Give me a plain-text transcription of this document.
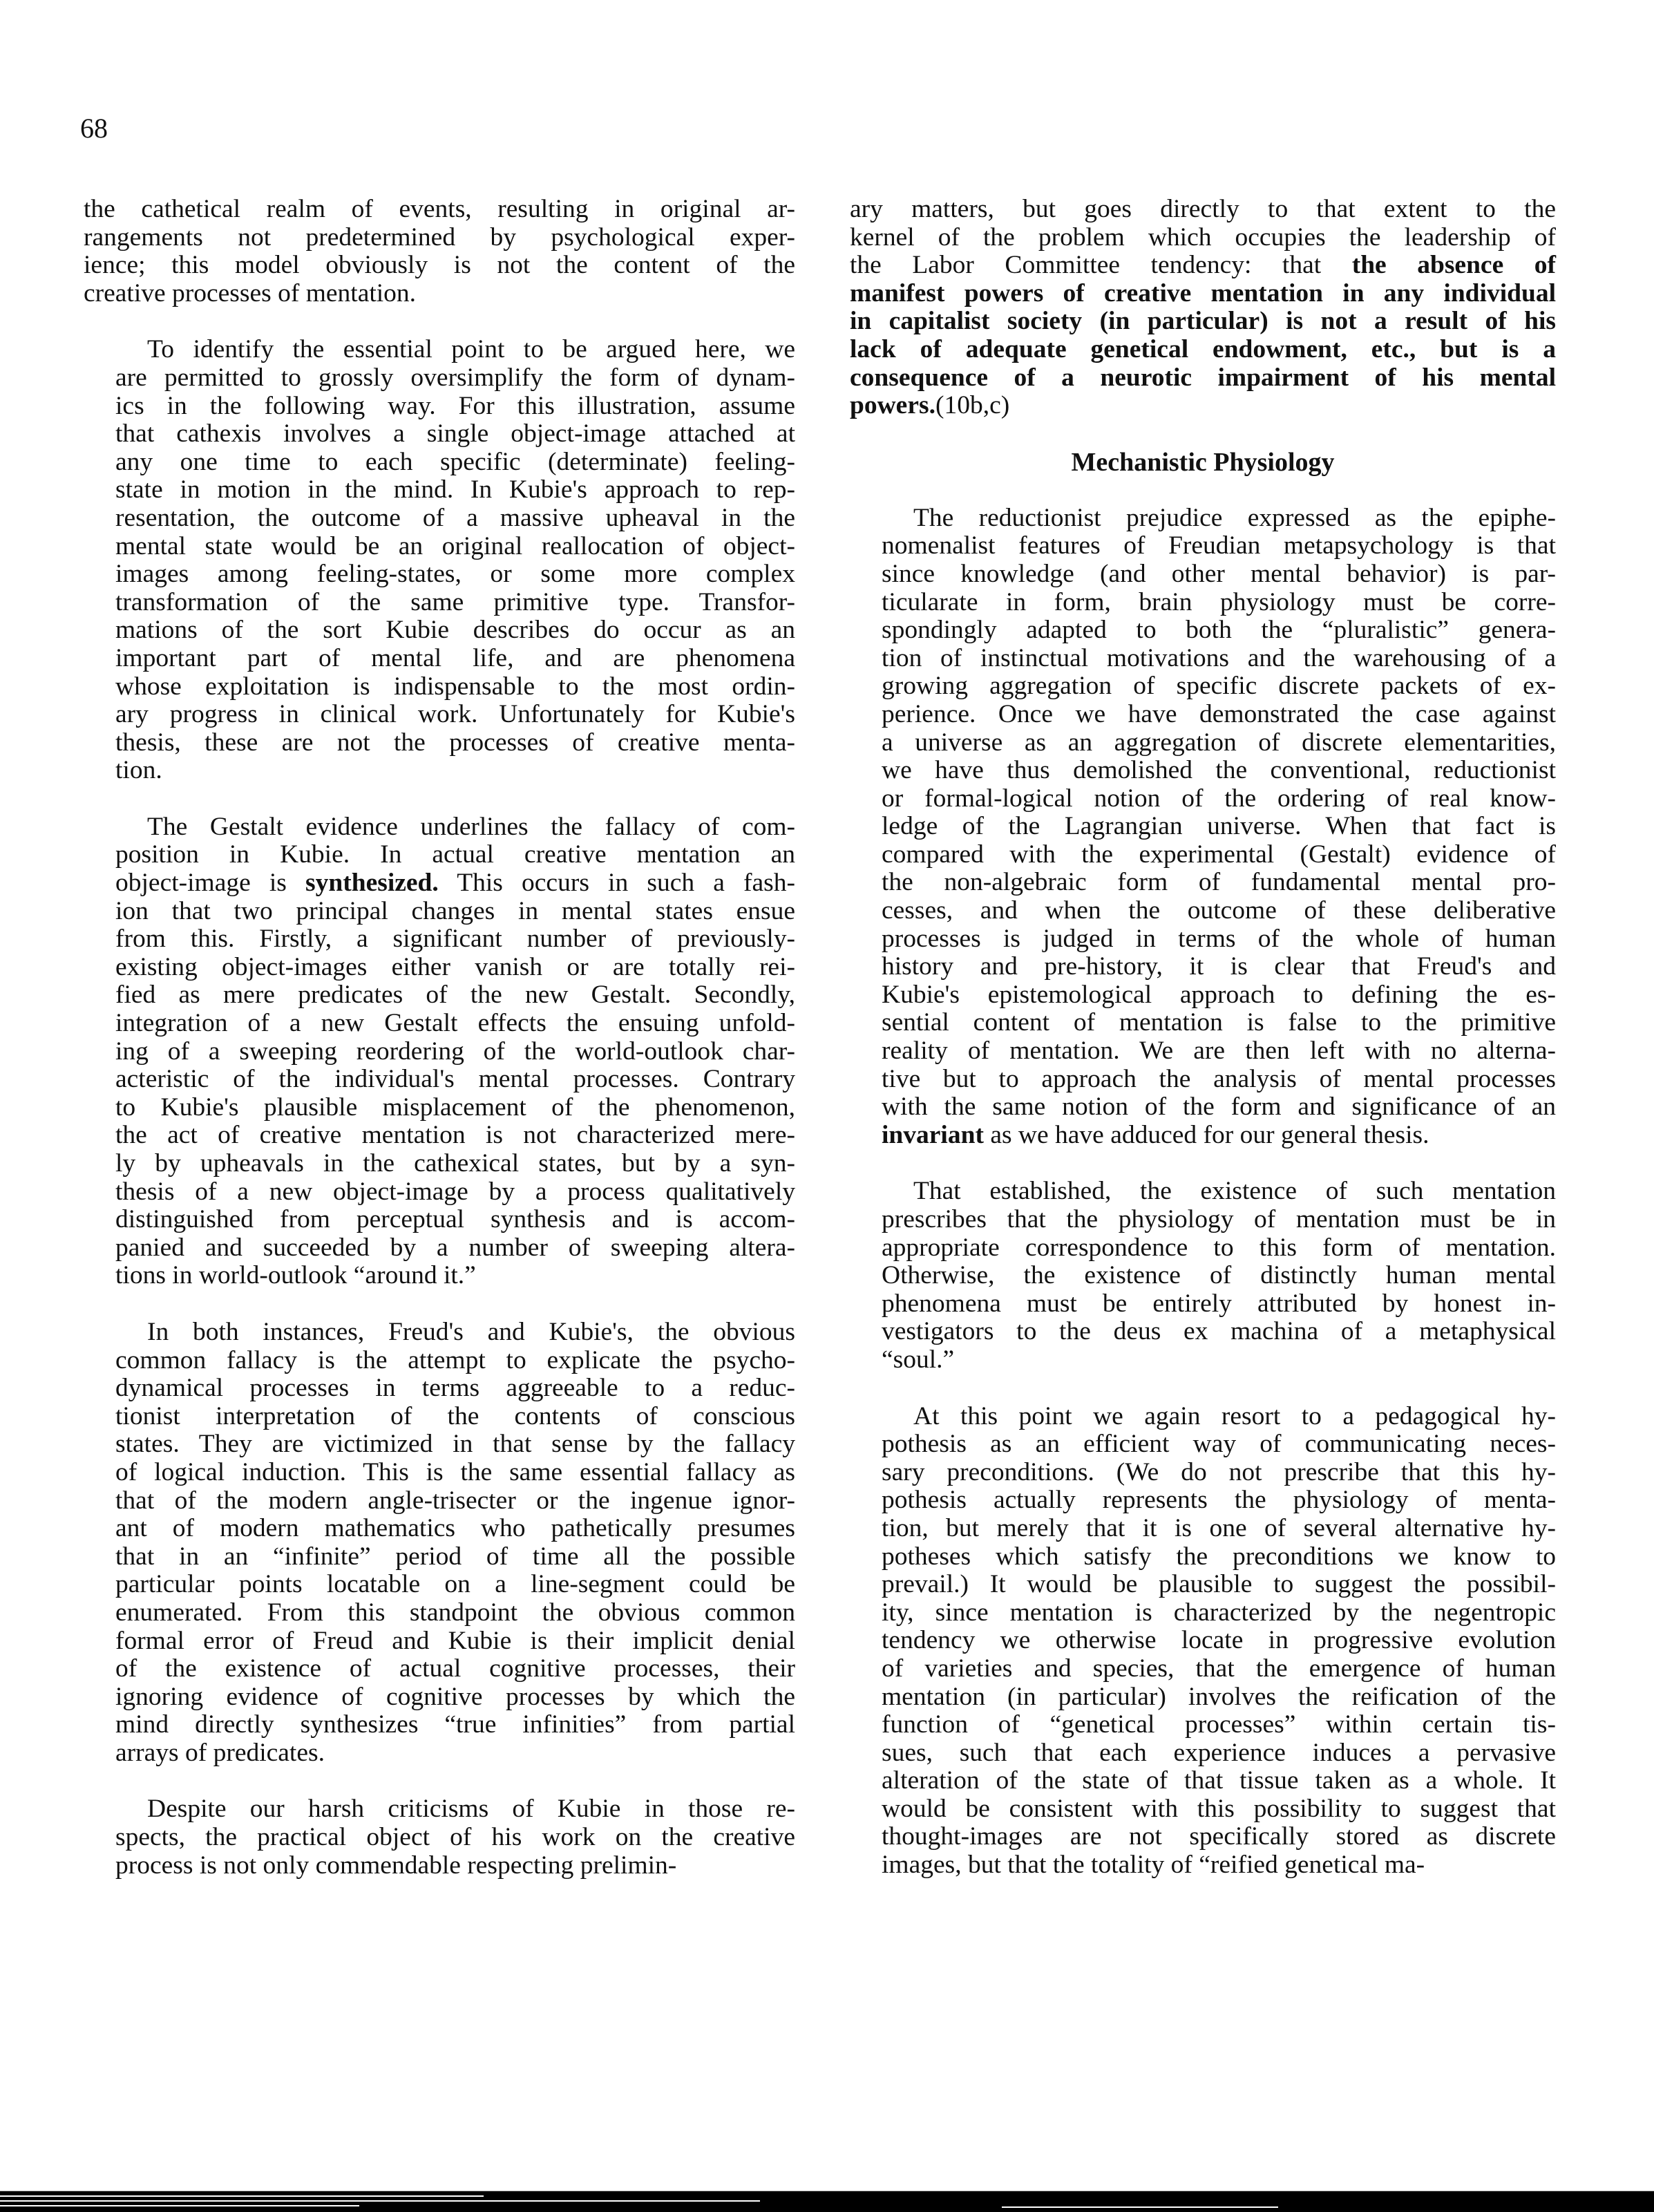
68
the cathetical realm of events, resulting in original ar-
rangements not predetermined by psychological exper-
ience; this model obviously is not the content of the
creative processes of mentation.
To identify the essential point to be argued here, we
are permitted to grossly oversimplify the form of dynam-
ics in the following way. For this illustration, assume
that cathexis involves a single object-image attached at
any one time to each specific (determinate) feeling-
state in motion in the mind. In Kubie's approach to rep-
resentation, the outcome of a massive upheaval in the
mental state would be an original reallocation of object-
images among feeling-states, or some more complex
transformation of the same primitive type. Transfor-
mations of the sort Kubie describes do occur as an
important part of mental life, and are phenomena
whose exploitation is indispensable to the most ordin-
ary progress in clinical work. Unfortunately for Kubie's
thesis, these are not the processes of creative menta-
tion.
The Gestalt evidence underlines the fallacy of com-
position in Kubie. In actual creative mentation an
object-image is synthesized. This occurs in such a fash-
ion that two principal changes in mental states ensue
from this. Firstly, a significant number of previously-
existing object-images either vanish or are totally rei-
fied as mere predicates of the new Gestalt. Secondly,
integration of a new Gestalt effects the ensuing unfold-
ing of a sweeping reordering of the world-outlook char-
acteristic of the individual's mental processes. Contrary
to Kubie's plausible misplacement of the phenomenon,
the act of creative mentation is not characterized mere-
ly by upheavals in the cathexical states, but by a syn-
thesis of a new object-image by a process qualitatively
distinguished from perceptual synthesis and is accom-
panied and succeeded by a number of sweeping altera-
tions in world-outlook “around it.”
In both instances, Freud's and Kubie's, the obvious
common fallacy is the attempt to explicate the psycho-
dynamical processes in terms aggreeable to a reduc-
tionist interpretation of the contents of conscious
states. They are victimized in that sense by the fallacy
of logical induction. This is the same essential fallacy as
that of the modern angle-trisecter or the ingenue ignor-
ant of modern mathematics who pathetically presumes
that in an “infinite” period of time all the possible
particular points locatable on a line-segment could be
enumerated. From this standpoint the obvious common
formal error of Freud and Kubie is their implicit denial
of the existence of actual cognitive processes, their
ignoring evidence of cognitive processes by which the
mind directly synthesizes “true infinities” from partial
arrays of predicates.
Despite our harsh criticisms of Kubie in those re-
spects, the practical object of his work on the creative
process is not only commendable respecting prelimin-
ary matters, but goes directly to that extent to the
kernel of the problem which occupies the leadership of
the Labor Committee tendency: that the absence of
manifest powers of creative mentation in any individual
in capitalist society (in particular) is not a result of his
lack of adequate genetical endowment, etc., but is a
consequence of a neurotic impairment of his mental
powers.(10b,c)
Mechanistic Physiology
The reductionist prejudice expressed as the epiphe-
nomenalist features of Freudian metapsychology is that
since knowledge (and other mental behavior) is par-
ticularate in form, brain physiology must be corre-
spondingly adapted to both the “pluralistic” genera-
tion of instinctual motivations and the warehousing of a
growing aggregation of specific discrete packets of ex-
perience. Once we have demonstrated the case against
a universe as an aggregation of discrete elementarities,
we have thus demolished the conventional, reductionist
or formal-logical notion of the ordering of real know-
ledge of the Lagrangian universe. When that fact is
compared with the experimental (Gestalt) evidence of
the non-algebraic form of fundamental mental pro-
cesses, and when the outcome of these deliberative
processes is judged in terms of the whole of human
history and pre-history, it is clear that Freud's and
Kubie's epistemological approach to defining the es-
sential content of mentation is false to the primitive
reality of mentation. We are then left with no alterna-
tive but to approach the analysis of mental processes
with the same notion of the form and significance of an
invariant as we have adduced for our general thesis.
That established, the existence of such mentation
prescribes that the physiology of mentation must be in
appropriate correspondence to this form of mentation.
Otherwise, the existence of distinctly human mental
phenomena must be entirely attributed by honest in-
vestigators to the deus ex machina of a metaphysical
“soul.”
At this point we again resort to a pedagogical hy-
pothesis as an efficient way of communicating neces-
sary preconditions. (We do not prescribe that this hy-
pothesis actually represents the physiology of menta-
tion, but merely that it is one of several alternative hy-
potheses which satisfy the preconditions we know to
prevail.) It would be plausible to suggest the possibil-
ity, since mentation is characterized by the negentropic
tendency we otherwise locate in progressive evolution
of varieties and species, that the emergence of human
mentation (in particular) involves the reification of the
function of “genetical processes” within certain tis-
sues, such that each experience induces a pervasive
alteration of the state of that tissue taken as a whole. It
would be consistent with this possibility to suggest that
thought-images are not specifically stored as discrete
images, but that the totality of “reified genetical ma-
